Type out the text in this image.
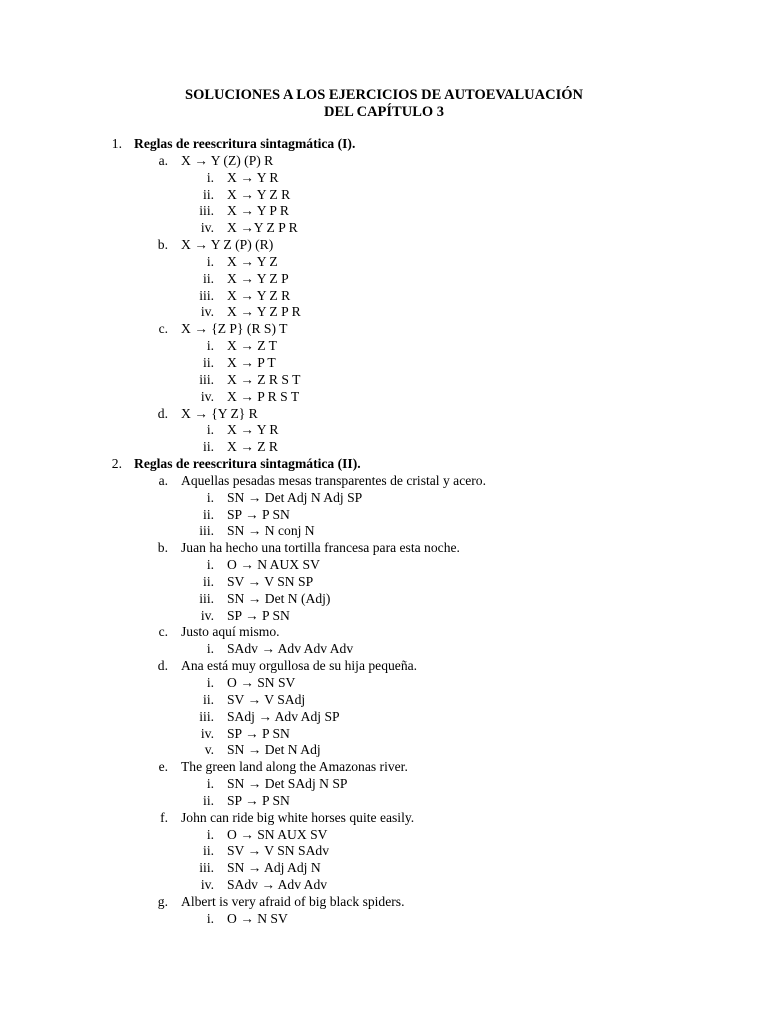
SOLUCIONES A LOS EJERCICIOS DE AUTOEVALUACIÓN
DEL CAPÍTULO 3
1. Reglas de reescritura sintagmática (I).
a. X → Y (Z) (P) R
i. X → Y R
ii. X → Y Z R
iii. X → Y P R
iv. X →Y Z P R
b. X → Y Z (P) (R)
i. X → Y Z
ii. X → Y Z P
iii. X → Y Z R
iv. X → Y Z P R
c. X → {Z P} (R S) T
i. X → Z T
ii. X → P T
iii. X → Z R S T
iv. X → P R S T
d. X → {Y Z} R
i. X → Y R
ii. X → Z R
2. Reglas de reescritura sintagmática (II).
a. Aquellas pesadas mesas transparentes de cristal y acero.
i. SN → Det Adj N Adj SP
ii. SP → P SN
iii. SN → N conj N
b. Juan ha hecho una tortilla francesa para esta noche.
i. O → N AUX SV
ii. SV → V SN SP
iii. SN → Det N (Adj)
iv. SP → P SN
c. Justo aquí mismo.
i. SAdv → Adv Adv Adv
d. Ana está muy orgullosa de su hija pequeña.
i. O → SN SV
ii. SV → V SAdj
iii. SAdj → Adv Adj SP
iv. SP → P SN
v. SN → Det N Adj
e. The green land along the Amazonas river.
i. SN → Det SAdj N SP
ii. SP → P SN
f. John can ride big white horses quite easily.
i. O → SN AUX SV
ii. SV → V SN SAdv
iii. SN → Adj Adj N
iv. SAdv → Adv Adv
g. Albert is very afraid of big black spiders.
i. O → N SV
